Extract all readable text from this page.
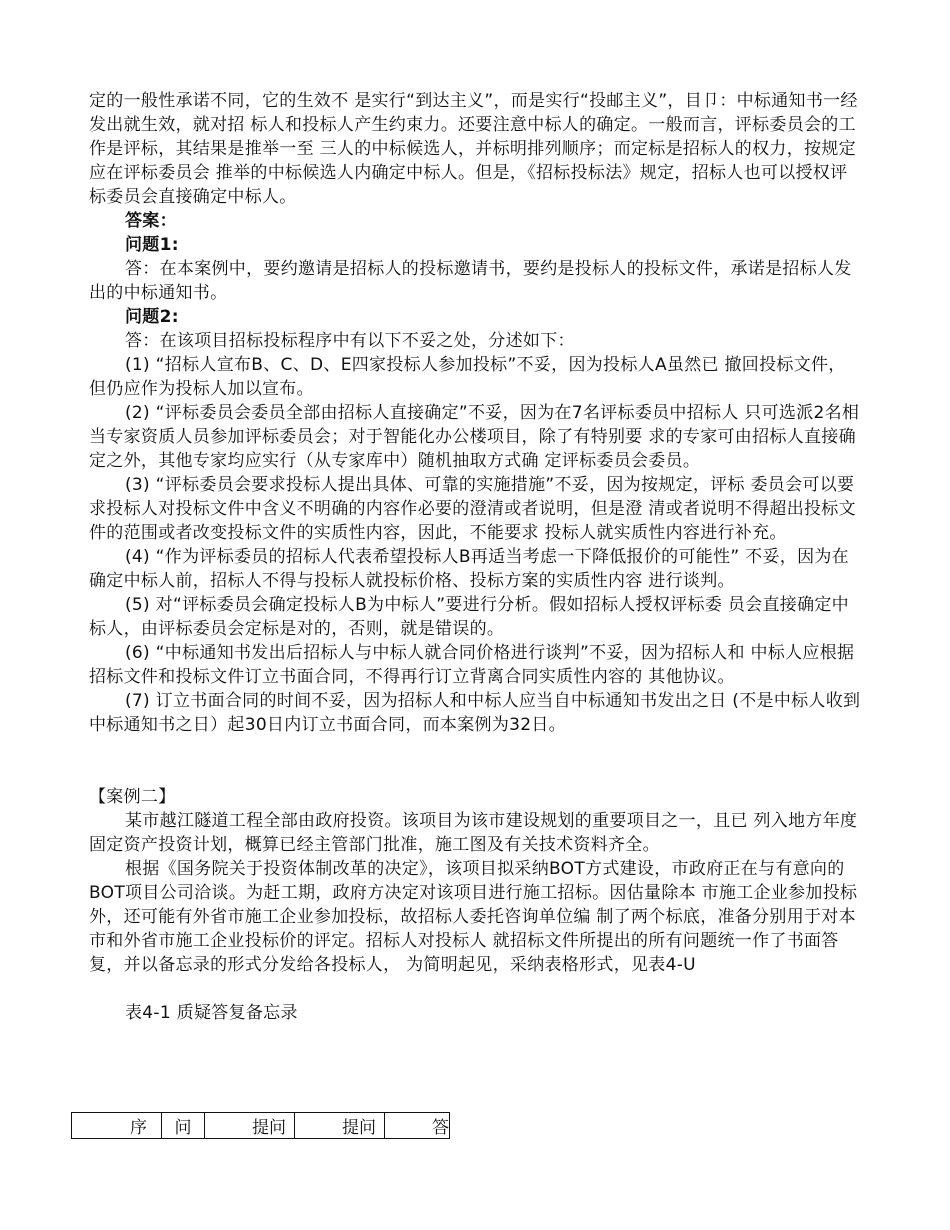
定的一般性承诺不同，它的生效不 是实行“到达主义”，而是实行“投邮主义”，目卩：中标通知书一经发出就生效，就对招 标人和投标人产生约束力。还要注意中标人的确定。一般而言，评标委员会的工作是评标，其结果是推举一至 三人的中标候选人，并标明排列顺序；而定标是招标人的权力，按规定应在评标委员会 推举的中标候选人内确定中标人。但是，《招标投标法》规定，招标人也可以授权评标委员会直接确定中标人。

答案：

问题1:

答：在本案例中，要约邀请是招标人的投标邀请书，要约是投标人的投标文件，承诺是招标人发出的中标通知书。

问题2:

答：在该项目招标投标程序中有以下不妥之处，分述如下：

(1) “招标人宣布B、C、D、E四家投标人参加投标”不妥，因为投标人A虽然已 撤回投标文件，但仍应作为投标人加以宣布。

(2) “评标委员会委员全部由招标人直接确定”不妥，因为在7名评标委员中招标人 只可选派2名相当专家资质人员参加评标委员会；对于智能化办公楼项目，除了有特别要 求的专家可由招标人直接确定之外，其他专家均应实行（从专家库中）随机抽取方式确 定评标委员会委员。

(3) “评标委员会要求投标人提出具体、可靠的实施措施”不妥，因为按规定，评标 委员会可以要求投标人对投标文件中含义不明确的内容作必要的澄清或者说明，但是澄 清或者说明不得超出投标文件的范围或者改变投标文件的实质性内容，因此，不能要求 投标人就实质性内容进行补充。

(4) “作为评标委员的招标人代表希望投标人B再适当考虑一下降低报价的可能性” 不妥，因为在确定中标人前，招标人不得与投标人就投标价格、投标方案的实质性内容 进行谈判。

(5) 对“评标委员会确定投标人B为中标人”要进行分析。假如招标人授权评标委 员会直接确定中标人，由评标委员会定标是对的，否则，就是错误的。

(6) “中标通知书发出后招标人与中标人就合同价格进行谈判”不妥，因为招标人和 中标人应根据招标文件和投标文件订立书面合同，不得再行订立背离合同实质性内容的 其他协议。

(7) 订立书面合同的时间不妥，因为招标人和中标人应当自中标通知书发出之日 (不是中标人收到中标通知书之日）起30日内订立书面合同，而本案例为32日。

【案例二】

某市越江隧道工程全部由政府投资。该项目为该市建设规划的重要项目之一，且已 列入地方年度固定资产投资计划，概算已经主管部门批准，施工图及有关技术资料齐全。

根据《国务院关于投资体制改革的决定》，该项目拟采纳BOT方式建设，市政府正在与有意向的BOT项目公司洽谈。为赶工期，政府方决定对该项目进行施工招标。因估量除本 市施工企业参加投标外，还可能有外省市施工企业参加投标，故招标人委托咨询单位编 制了两个标底，准备分别用于对本市和外省市施工企业投标价的评定。招标人对投标人 就招标文件所提出的所有问题统一作了书面答复，并以备忘录的形式分发给各投标人， 为简明起见，采纳表格形式，见表4-U

表4-1 质疑答复备忘录

序	问	提问	提问	答
